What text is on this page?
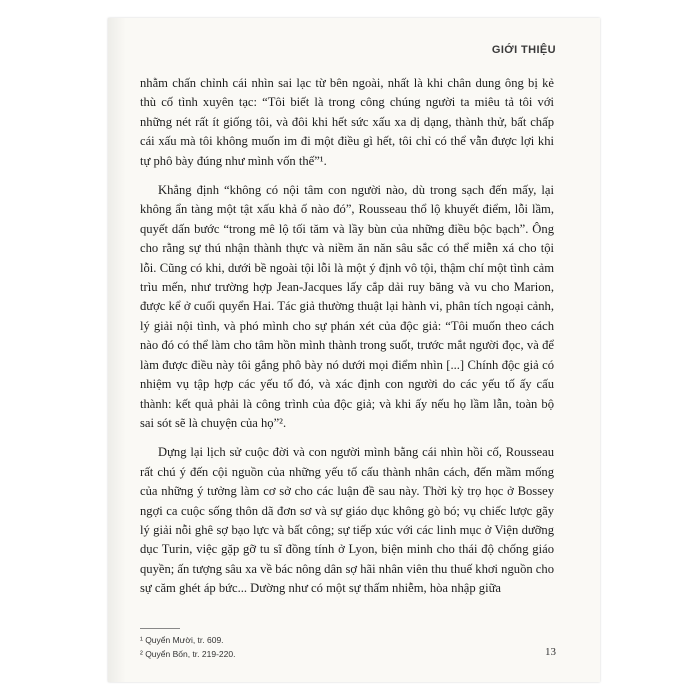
GIỚI THIỆU

nhằm chấn chỉnh cái nhìn sai lạc từ bên ngoài, nhất là khi chân dung ông bị kẻ thù cố tình xuyên tạc: “Tôi biết là trong công chúng người ta miêu tả tôi với những nét rất ít giống tôi, và đôi khi hết sức xấu xa dị dạng, thành thử, bất chấp cái xấu mà tôi không muốn im đi một điều gì hết, tôi chỉ có thể vẫn được lợi khi tự phô bày đúng như mình vốn thế”¹.

Khẳng định “không có nội tâm con người nào, dù trong sạch đến mấy, lại không ẩn tàng một tật xấu khả ố nào đó”, Rousseau thổ lộ khuyết điểm, lỗi lầm, quyết dấn bước “trong mê lộ tối tăm và lầy bùn của những điều bộc bạch”. Ông cho rằng sự thú nhận thành thực và niềm ăn năn sâu sắc có thể miễn xá cho tội lỗi. Cũng có khi, dưới bề ngoài tội lỗi là một ý định vô tội, thậm chí một tình cảm trìu mến, như trường hợp Jean-Jacques lấy cắp dải ruy băng và vu cho Marion, được kể ở cuối quyển Hai. Tác giả thường thuật lại hành vi, phân tích ngoại cảnh, lý giải nội tình, và phó mình cho sự phán xét của độc giả: “Tôi muốn theo cách nào đó có thể làm cho tâm hồn mình thành trong suốt, trước mắt người đọc, và để làm được điều này tôi gắng phô bày nó dưới mọi điểm nhìn [...] Chính độc giả có nhiệm vụ tập hợp các yếu tố đó, và xác định con người do các yếu tố ấy cấu thành: kết quả phải là công trình của độc giả; và khi ấy nếu họ lầm lẫn, toàn bộ sai sót sẽ là chuyện của họ”².

Dựng lại lịch sử cuộc đời và con người mình bằng cái nhìn hồi cố, Rousseau rất chú ý đến cội nguồn của những yếu tố cấu thành nhân cách, đến mầm mống của những ý tưởng làm cơ sở cho các luận đề sau này. Thời kỳ trọ học ở Bossey ngợi ca cuộc sống thôn dã đơn sơ và sự giáo dục không gò bó; vụ chiếc lược gãy lý giải nỗi ghê sợ bạo lực và bất công; sự tiếp xúc với các linh mục ở Viện dưỡng dục Turin, việc gặp gỡ tu sĩ đồng tính ở Lyon, biện minh cho thái độ chống giáo quyền; ấn tượng sâu xa về bác nông dân sợ hãi nhân viên thu thuế khơi nguồn cho sự căm ghét áp bức... Dường như có một sự thấm nhiễm, hòa nhập giữa

¹ Quyển Mười, tr. 609.
² Quyển Bốn, tr. 219-220.	13
